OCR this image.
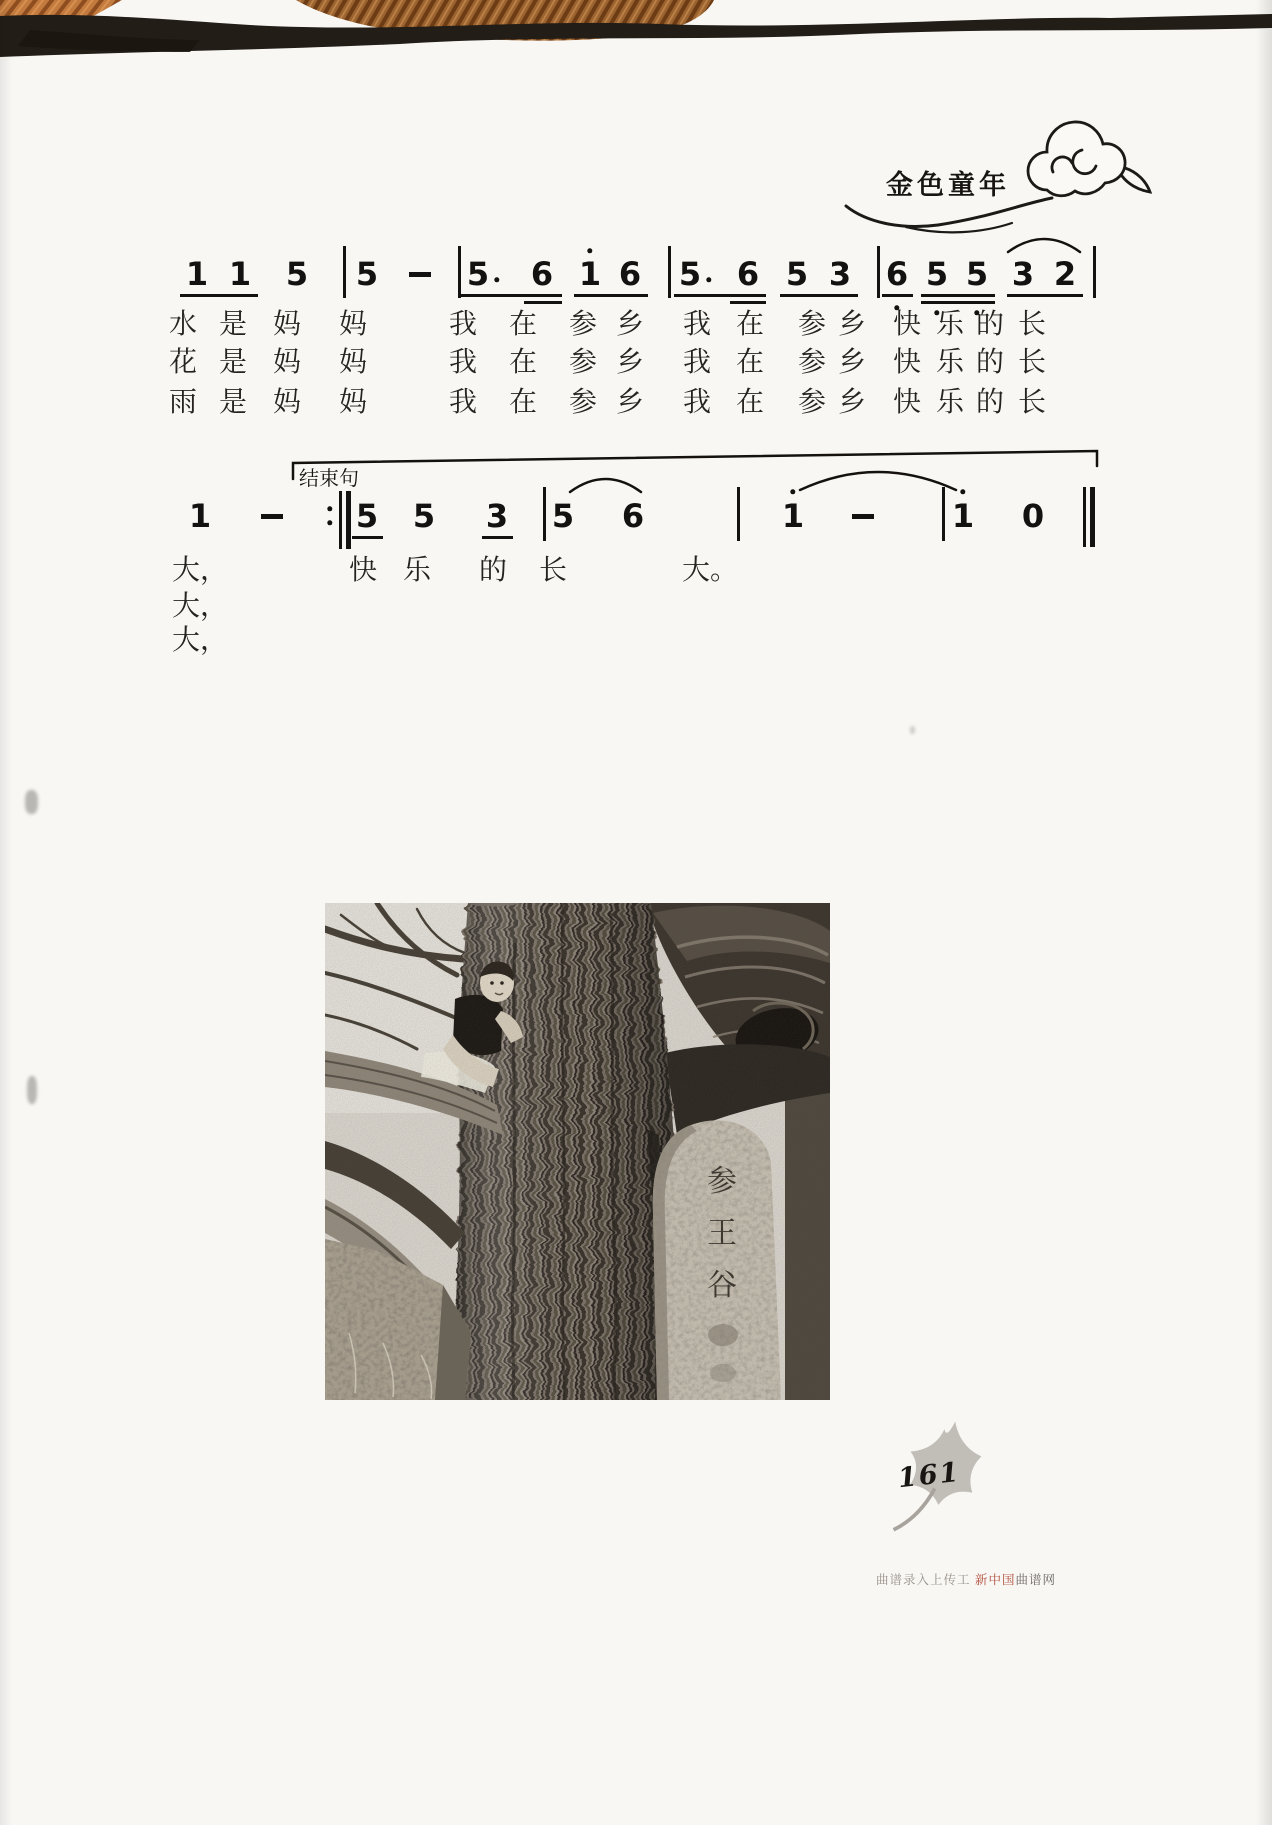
金色童年
1 1 5 5	5 6 1 6 5 6 5 3 6 5 5 3 2
水 是 妈 妈	我 在 参 乡 我 在 参 乡 快 乐 的 长
花 是 妈 妈	我 在 参 乡 我 在 参 乡 快 乐 的 长
雨 是 妈 妈	我 在 参 乡 我 在 参 乡 快 乐 的 长
1	5 5 3 5 6	1	1 0
结束句
大，	快 乐 的 长	大。
大，
大，
161
曲谱录入上传工 新中国曲谱网
